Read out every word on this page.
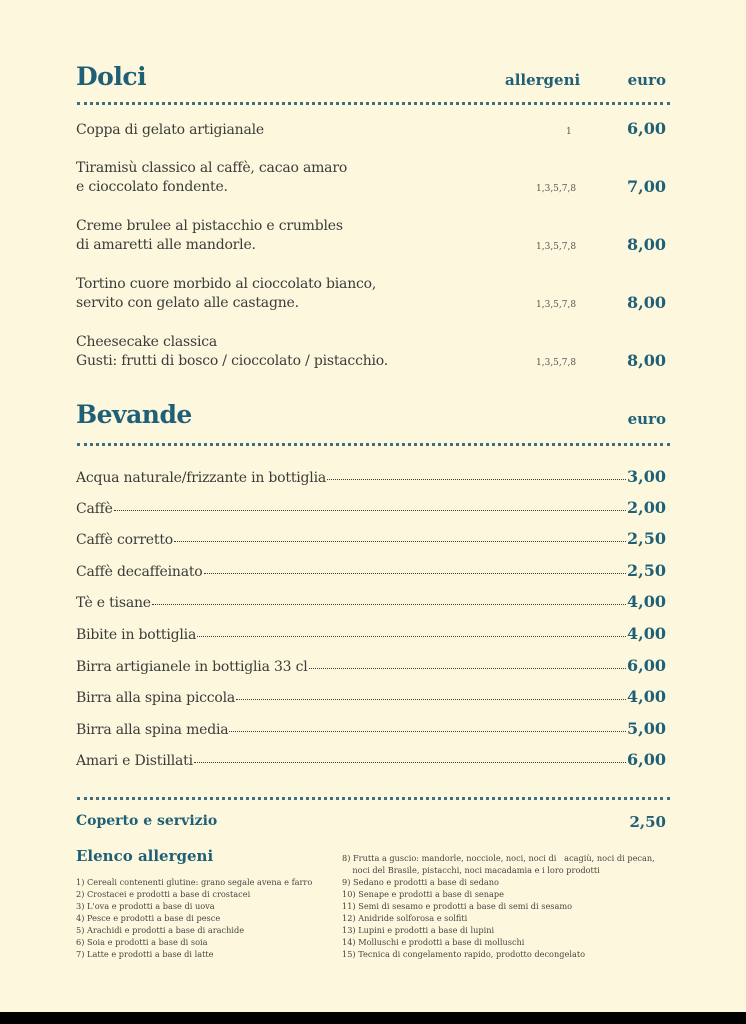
Dolci	allergeni	euro
Coppa di gelato artigianale	1	6,00
Tiramisù classico al caffè, cacao amaro
e cioccolato fondente.	1,3,5,7,8	7,00
Creme brulee al pistacchio e crumbles
di amaretti alle mandorle.	1,3,5,7,8	8,00
Tortino cuore morbido al cioccolato bianco,
servito con gelato alle castagne.	1,3,5,7,8	8,00
Cheesecake classica
Gusti: frutti di bosco / cioccolato / pistacchio.	1,3,5,7,8	8,00
Bevande	euro
Acqua naturale/frizzante in bottiglia	3,00
Caffè	2,00
Caffè corretto	2,50
Caffè decaffeinato	2,50
Tè e tisane	4,00
Bibite in bottiglia	4,00
Birra artigianele in bottiglia 33 cl	6,00
Birra alla spina piccola	4,00
Birra alla spina media	5,00
Amari e Distillati	6,00
Coperto e servizio	2,50
Elenco allergeni
1) Cereali contenenti glutine: grano segale avena e farro
2) Crostacei e prodotti a base di crostacei
3) L'ova e prodotti a base di uova
4) Pesce e prodotti a base di pesce
5) Arachidi e prodotti a base di arachide
6) Soia e prodotti a base di soia
7) Latte e prodotti a base di latte
8) Frutta a guscio: mandorle, nocciole, noci, noci di   acagiù, noci di pecan,
noci del Brasile, pistacchi, noci macadamia e i loro prodotti
9) Sedano e prodotti a base di sedano
10) Senape e prodotti a base di senape
11) Semi di sesamo e prodotti a base di semi di sesamo
12) Anidride solforosa e solfiti
13) Lupini e prodotti a base di lupini
14) Molluschi e prodotti a base di molluschi
15) Tecnica di congelamento rapido, prodotto decongelato
